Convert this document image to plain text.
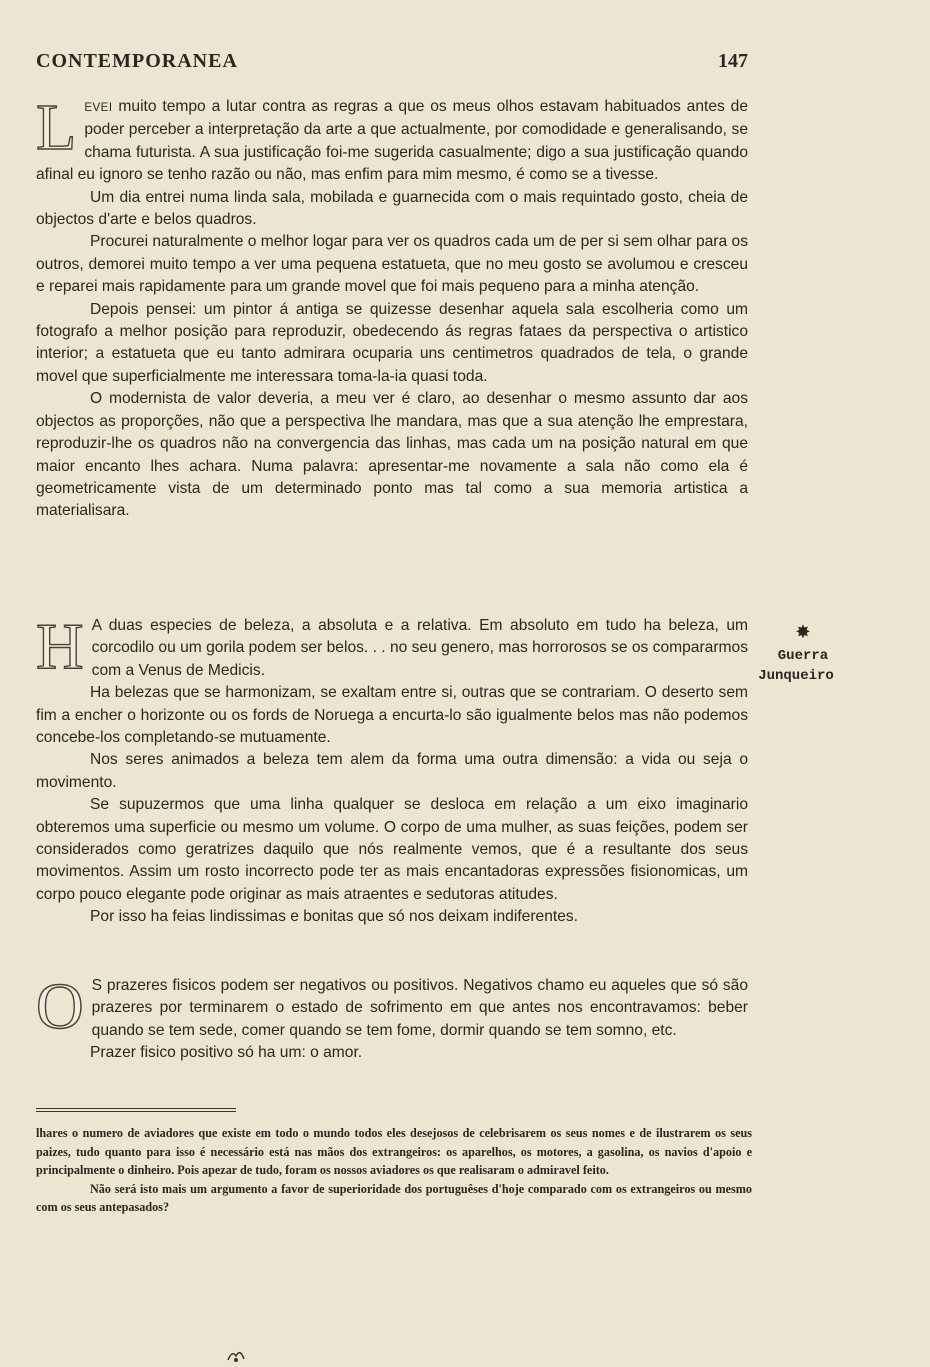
CONTEMPORANEA	147

LEVEI muito tempo a lutar contra as regras a que os meus olhos estavam habituados antes de poder perceber a interpretação da arte a que actualmente, por comodidade e generalisando, se chama futurista. A sua justificação foi-me sugerida casualmente; digo a sua justificação quando afinal eu ignoro se tenho razão ou não, mas enfim para mim mesmo, é como se a tivesse.

Um dia entrei numa linda sala, mobilada e guarnecida com o mais requintado gosto, cheia de objectos d'arte e belos quadros.

Procurei naturalmente o melhor logar para ver os quadros cada um de per si sem olhar para os outros, demorei muito tempo a ver uma pequena estatueta, que no meu gosto se avolumou e cresceu e reparei mais rapidamente para um grande movel que foi mais pequeno para a minha atenção.

Depois pensei: um pintor á antiga se quizesse desenhar aquela sala escolheria como um fotografo a melhor posição para reproduzir, obedecendo ás regras fataes da perspectiva o artistico interior; a estatueta que eu tanto admirara ocuparia uns centimetros quadrados de tela, o grande movel que superficialmente me interessara toma-la-ia quasi toda.

O modernista de valor deveria, a meu ver é claro, ao desenhar o mesmo assunto dar aos objectos as proporções, não que a perspectiva lhe mandara, mas que a sua atenção lhe emprestara, reproduzir-lhe os quadros não na convergencia das linhas, mas cada um na posição natural em que maior encanto lhes achara. Numa palavra: apresentar-me novamente a sala não como ela é geometricamente vista de um determinado ponto mas tal como a sua memoria artistica a materialisara.

H A duas especies de beleza, a absoluta e a relativa. Em absoluto em tudo ha beleza, um corcodilo ou um gorila podem ser belos. . . no seu genero, mas horrorosos se os compararmos com a Venus de Medicis.

Ha belezas que se harmonizam, se exaltam entre si, outras que se contrariam. O deserto sem fim a encher o horizonte ou os fords de Noruega a encurta-lo são igualmente belos mas não podemos concebe-los completando-se mutuamente.

Nos seres animados a beleza tem alem da forma uma outra dimensão: a vida ou seja o movimento.

Se supuzermos que uma linha qualquer se desloca em relação a um eixo imaginario obteremos uma superficie ou mesmo um volume. O corpo de uma mulher, as suas feições, podem ser considerados como geratrizes daquilo que nós realmente vemos, que é a resultante dos seus movimentos. Assim um rosto incorrecto pode ter as mais encantadoras expressões fisionomicas, um corpo pouco elegante pode originar as mais atraentes e sedutoras atitudes.

Por isso ha feias lindissimas e bonitas que só nos deixam indiferentes.

✸
Guerra
Junqueiro

O S prazeres fisicos podem ser negativos ou positivos. Negativos chamo eu aqueles que só são prazeres por terminarem o estado de sofrimento em que antes nos encontravamos: beber quando se tem sede, comer quando se tem fome, dormir quando se tem somno, etc.

Prazer fisico positivo só ha um: o amor.

lhares o numero de aviadores que existe em todo o mundo todos eles desejosos de celebrisarem os seus nomes e de ilustrarem os seus paizes, tudo quanto para isso é necessário está nas mãos dos extrangeiros: os aparelhos, os motores, a gasolina, os navios d'apoio e principalmente o dinheiro. Pois apezar de tudo, foram os nossos aviadores os que realisaram o admiravel feito.

Não será isto mais um argumento a favor de superioridade dos portuguêses d'hoje comparado com os extrangeiros ou mesmo com os seus antepasados?
